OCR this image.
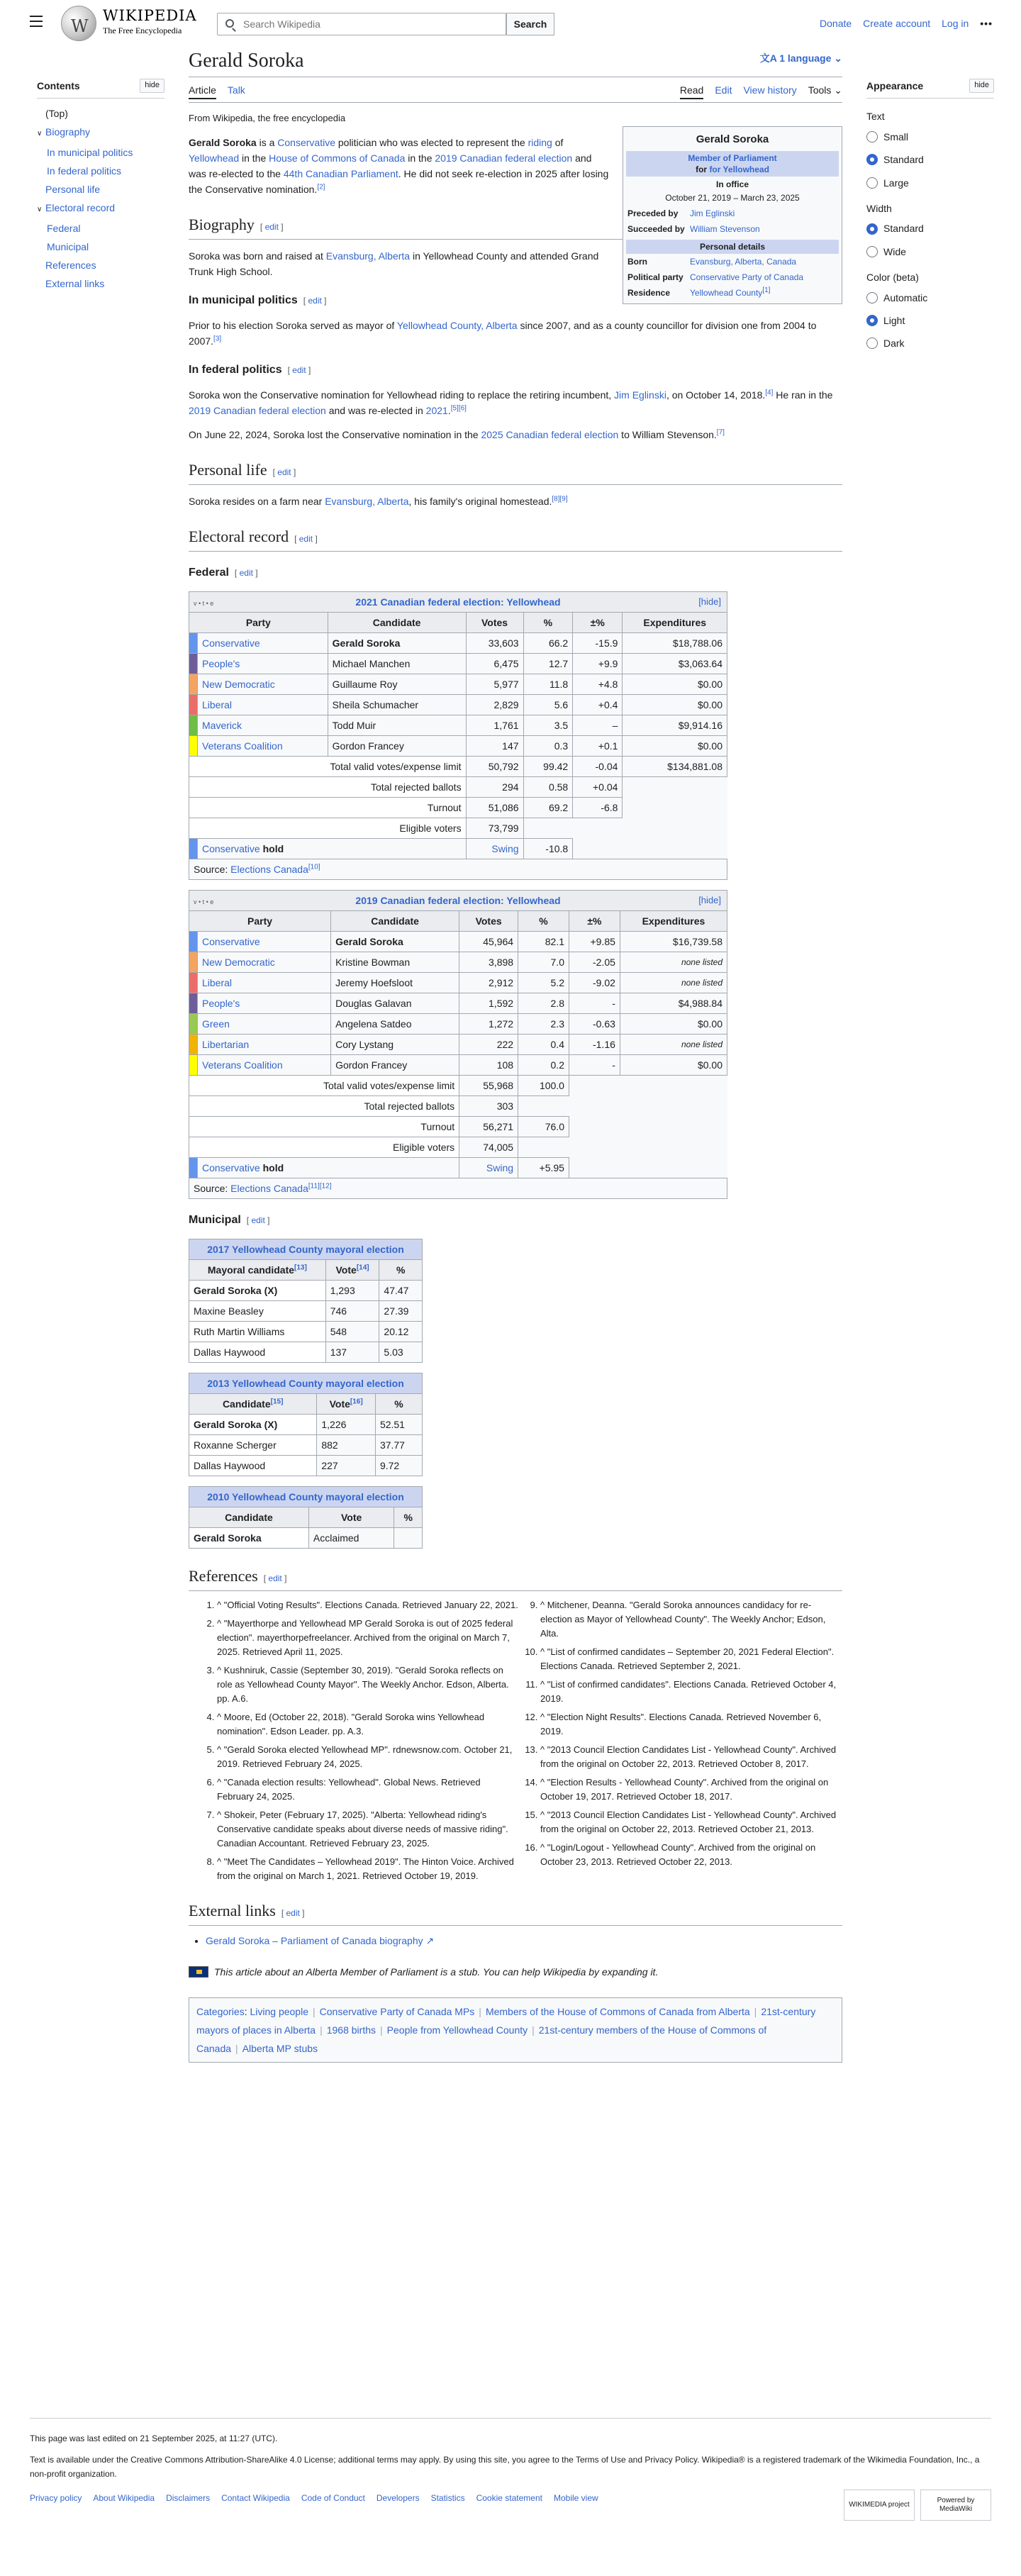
W
WIKIPEDIA
The Free Encyclopedia
Search Wikipedia
Search	Donate Create account Log in •••
Contents	hide
(Top)
∨ Biography
In municipal politics
In federal politics
Personal life
∨ Electoral record
Federal
Municipal
References
External links
Appearance	hide
Text
Small
Standard
Large
Width
Standard
Wide
Color (beta)
Automatic
Light
Dark
Gerald Soroka	文A 1 language ⌄
Article Talk	Read Edit View history Tools ⌄
From Wikipedia, the free encyclopedia
Gerald Soroka
Member of Parliament
for for Yellowhead
In office
October 21, 2019 – March 23, 2025
Preceded by	Jim Eglinski
Succeeded by William Stevenson
Personal details
Born	Evansburg, Alberta, Canada
Political party Conservative Party of Canada
Residence	Yellowhead County[1]

Gerald Soroka is a Conservative politician who was elected to represent the riding of Yellowhead in the House of Commons of Canada in the 2019 Canadian federal election and was re-elected to the 44th Canadian Parliament. He did not seek re-election in 2025 after losing the Conservative nomination.[2]

Biography [ edit ]

Soroka was born and raised at Evansburg, Alberta in Yellowhead County and attended Grand Trunk High School.

In municipal politics [ edit ]

Prior to his election Soroka served as mayor of Yellowhead County, Alberta since 2007, and as a county councillor for division one from 2004 to 2007.[3]

In federal politics [ edit ]

Soroka won the Conservative nomination for Yellowhead riding to replace the retiring incumbent, Jim Eglinski, on October 14, 2018.[4] He ran in the 2019 Canadian federal election and was re-elected in 2021.[5][6]

On June 22, 2024, Soroka lost the Conservative nomination in the 2025 Canadian federal election to William Stevenson.[7]

Personal life [ edit ]

Soroka resides on a farm near Evansburg, Alberta, his family's original homestead.[8][9]

Electoral record [ edit ]
Federal [ edit ]
v • t • e 2021 Canadian federal election: Yellowhead [hide]						

Party		Candidate	Votes	%	±%	Expenditures
	Conservative	Gerald Soroka	33,603	66.2	-15.9	$18,788.06
	People's	Michael Manchen	6,475	12.7	+9.9	$3,063.64
	New Democratic	Guillaume Roy	5,977	11.8	+4.8	$0.00
	Liberal	Sheila Schumacher	2,829	5.6	+0.4	$0.00
	Maverick	Todd Muir	1,761	3.5	–	$9,914.16
	Veterans Coalition	Gordon Francey	147	0.3	+0.1	$0.00
Total valid votes/expense limit			50,792	99.42	-0.04	$134,881.08
Total rejected ballots			294	0.58	+0.04	
Turnout			51,086	69.2	-6.8	
Eligible voters			73,799			
	Conservative hold		Swing	-10.8		
Source: Elections Canada[10]
v • t • e 2019 Canadian federal election: Yellowhead [hide]						

Party		Candidate	Votes	%	±%	Expenditures
	Conservative	Gerald Soroka	45,964	82.1	+9.85	$16,739.58
	New Democratic	Kristine Bowman	3,898	7.0	-2.05	none listed
	Liberal	Jeremy Hoefsloot	2,912	5.2	-9.02	none listed
	People's	Douglas Galavan	1,592	2.8	-	$4,988.84
	Green	Angelena Satdeo	1,272	2.3	-0.63	$0.00
	Libertarian	Cory Lystang	222	0.4	-1.16	none listed
	Veterans Coalition	Gordon Francey	108	0.2	-	$0.00
Total valid votes/expense limit			55,968	100.0		
Total rejected ballots			303			
Turnout			56,271	76.0		
Eligible voters			74,005			
	Conservative hold		Swing	+5.95		
Source: Elections Canada[11][12]
Municipal [ edit ]
2017 Yellowhead County mayoral election		
Mayoral candidate[13]	Vote[14]	%
Gerald Soroka (X)	1,293	47.47
Maxine Beasley	746	27.39
Ruth Martin Williams	548	20.12
Dallas Haywood	137	5.03
2013 Yellowhead County mayoral election		
Candidate[15]	Vote[16]	%
Gerald Soroka (X)	1,226	52.51
Roxanne Scherger	882	37.77
Dallas Haywood	227	9.72
2010 Yellowhead County mayoral election		
Candidate	Vote	%
Gerald Soroka	Acclaimed	
References [ edit ]
1. ^ "Official Voting Results". Elections Canada. Retrieved January 22, 2021.
2. ^ "Mayerthorpe and Yellowhead MP Gerald Soroka is out of 2025 federal election". mayerthorpefreelancer. Archived from the original on March 7, 2025. Retrieved April 11, 2025.
3. ^ Kushniruk, Cassie (September 30, 2019). "Gerald Soroka reflects on role as Yellowhead County Mayor". The Weekly Anchor. Edson, Alberta. pp. A.6.
4. ^ Moore, Ed (October 22, 2018). "Gerald Soroka wins Yellowhead nomination". Edson Leader. pp. A.3.
5. ^ "Gerald Soroka elected Yellowhead MP". rdnewsnow.com. October 21, 2019. Retrieved February 24, 2025.
6. ^ "Canada election results: Yellowhead". Global News. Retrieved February 24, 2025.
7. ^ Shokeir, Peter (February 17, 2025). "Alberta: Yellowhead riding's Conservative candidate speaks about diverse needs of massive riding". Canadian Accountant. Retrieved February 23, 2025.
8. ^ "Meet The Candidates – Yellowhead 2019". The Hinton Voice. Archived from the original on March 1, 2021. Retrieved October 19, 2019.
9. ^ Mitchener, Deanna. "Gerald Soroka announces candidacy for re-election as Mayor of Yellowhead County". The Weekly Anchor; Edson, Alta.
10. ^ "List of confirmed candidates – September 20, 2021 Federal Election". Elections Canada. Retrieved September 2, 2021.
11. ^ "List of confirmed candidates". Elections Canada. Retrieved October 4, 2019.
12. ^ "Election Night Results". Elections Canada. Retrieved November 6, 2019.
13. ^ "2013 Council Election Candidates List - Yellowhead County". Archived from the original on October 22, 2013. Retrieved October 8, 2017.
14. ^ "Election Results - Yellowhead County". Archived from the original on October 19, 2017. Retrieved October 18, 2017.
15. ^ "2013 Council Election Candidates List - Yellowhead County". Archived from the original on October 22, 2013. Retrieved October 21, 2013.
16. ^ "Login/Logout - Yellowhead County". Archived from the original on October 23, 2013. Retrieved October 22, 2013.
External links [ edit ]
• Gerald Soroka – Parliament of Canada biography ↗
This article about an Alberta Member of Parliament is a stub. You can help Wikipedia by expanding it.
Categories: Living people | Conservative Party of Canada MPs | Members of the House of Commons of Canada from Alberta | 21st-century mayors of places in Alberta | 1968 births | People from Yellowhead County | 21st-century members of the House of Commons of Canada | Alberta MP stubs
This page was last edited on 21 September 2025, at 11:27 (UTC).
Text is available under the Creative Commons Attribution-ShareAlike 4.0 License; additional terms may apply. By using this site, you agree to the Terms of Use and Privacy Policy. Wikipedia® is a registered trademark of the Wikimedia Foundation, Inc., a non-profit organization.
Privacy policy About Wikipedia Disclaimers Contact Wikipedia Code of Conduct Developers Statistics Cookie statement Mobile view
WIKIMEDIA project
Powered by MediaWiki
